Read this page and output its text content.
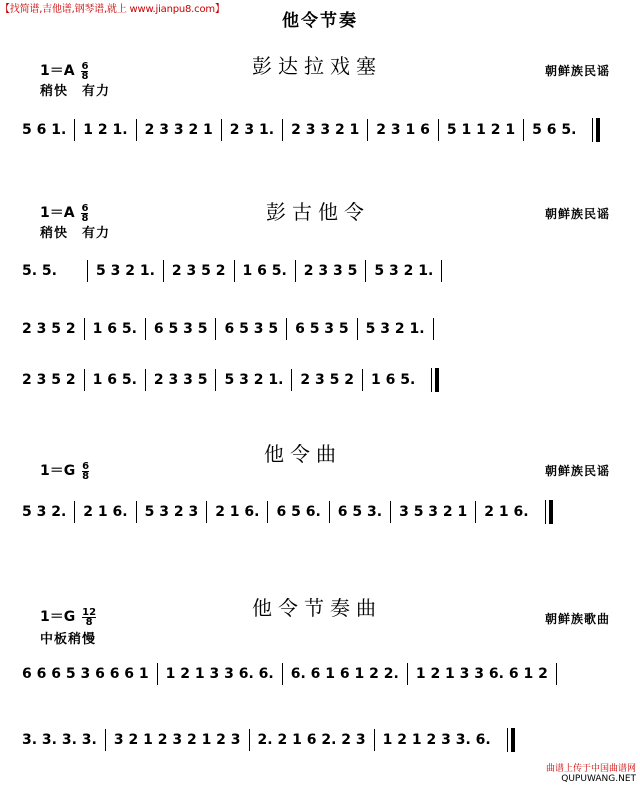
【找简谱,吉他谱,钢琴谱,就上 www.jianpu8.com】
他令节奏
彭达拉戏塞
$1=A \frac{6}{8}$
稍快　有力
朝鲜族民谣
5 6 1.	1 2 1.	2 3 3 2 1	2 3 1.	2 3 3 2 1	2 3 1 6	5 1 1 2 1	5 6 5.
彭古他令
$1=A \frac{6}{8}$
稍快　有力
朝鲜族民谣
5. 5.	5 3 2 1.	2 3 5 2	1 6 5.	2 3 3 5	5 3 2 1.
2 3 5 2	1 6 5.	6 5 3 5	6 5 3 5	6 5 3 5	5 3 2 1.
2 3 5 2	1 6 5.	2 3 3 5	5 3 2 1.	2 3 5 2	1 6 5.
他令曲
$1=G \frac{6}{8}$	朝鲜族民谣
5 3 2.	2 1 6.	5 3 2 3	2 1 6.	6 5 6.	6 5 3.	3 5 3 2 1	2 1 6.
他令节奏曲
$1=G \frac{12}{8}$
中板稍慢
朝鲜族歌曲
6 6 6 5 3 6 6 6 1	1 2 1 3 3 6. 6.	6. 6 1 6 1 2 2.	1 2 1 3 3 6. 6 1 2
3. 3. 3. 3.	3 2 1 2 3 2 1 2 3	2. 2 1 6 2. 2 3	1 2 1 2 3 3. 6.
曲谱上传于中国曲谱网
QUPUWANG.NET
